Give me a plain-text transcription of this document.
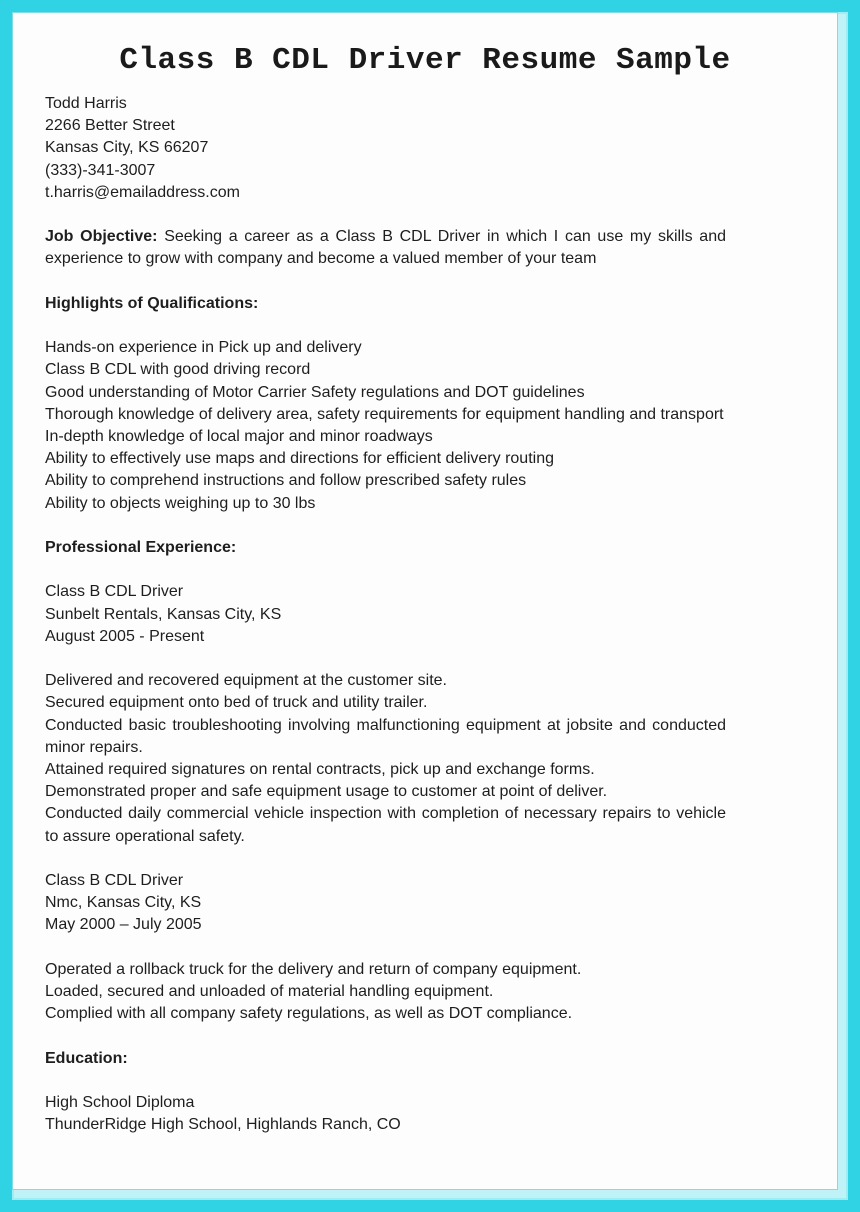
Class B CDL Driver Resume Sample

Todd Harris

2266 Better Street

Kansas City, KS 66207

(333)-341-3007

t.harris@emailaddress.com

Job Objective: Seeking a career as a Class B CDL Driver in which I can use my skills and experience to grow with company and become a valued member of your team

Highlights of Qualifications:

Hands-on experience in Pick up and delivery

Class B CDL with good driving record

Good understanding of Motor Carrier Safety regulations and DOT guidelines

Thorough knowledge of delivery area, safety requirements for equipment handling and transport

In-depth knowledge of local major and minor roadways

Ability to effectively use maps and directions for efficient delivery routing

Ability to comprehend instructions and follow prescribed safety rules

Ability to objects weighing up to 30 lbs

Professional Experience:

Class B CDL Driver

Sunbelt Rentals, Kansas City, KS

August 2005 - Present

Delivered and recovered equipment at the customer site.

Secured equipment onto bed of truck and utility trailer.

Conducted basic troubleshooting involving malfunctioning equipment at jobsite and conducted minor repairs.

Attained required signatures on rental contracts, pick up and exchange forms.

Demonstrated proper and safe equipment usage to customer at point of deliver.

Conducted daily commercial vehicle inspection with completion of necessary repairs to vehicle to assure operational safety.

Class B CDL Driver

Nmc, Kansas City, KS

May 2000 – July 2005

Operated a rollback truck for the delivery and return of company equipment.

Loaded, secured and unloaded of material handling equipment.

Complied with all company safety regulations, as well as DOT compliance.

Education:

High School Diploma

ThunderRidge High School, Highlands Ranch, CO
